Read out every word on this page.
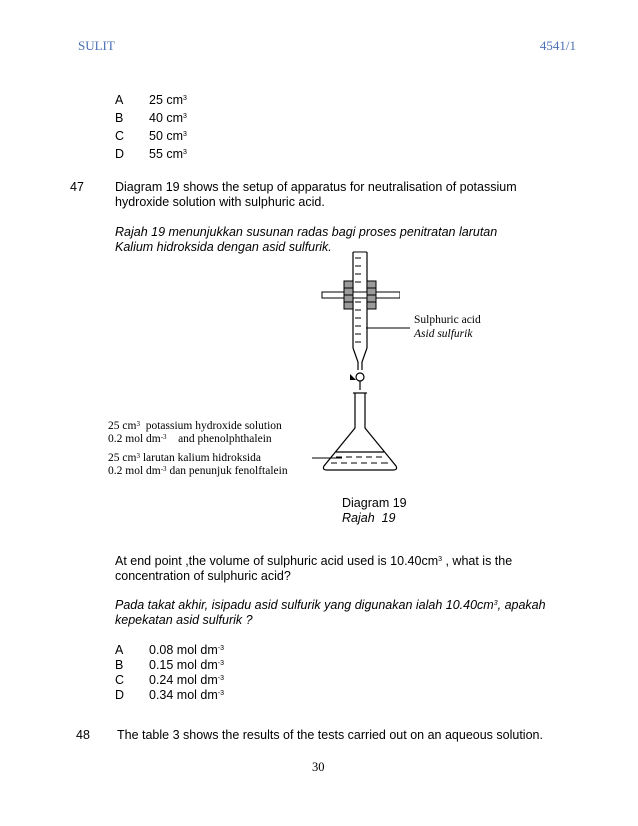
SULIT	4541/1
A 25 $cm^3$
B 40 $cm^3$
C 50 $cm^3$
D 55 $cm^3$
47 Diagram 19 shows the setup of apparatus for neutralisation of potassium
hydroxide solution with sulphuric acid.
Rajah 19 menunjukkan susunan radas bagi proses penitratan larutan
Kalium hidroksida dengan asid sulfurik.
Sulphuric acid
Asid sulfurik
25 $cm^3$  potassium hydroxide solution
0.2 mol $dm^{-3}$    and phenolphthalein
25 $cm^3$ larutan kalium hidroksida
0.2 mol $dm^{-3}$ dan penunjuk fenolftalein
Diagram 19
Rajah  19
At end point ,the volume of sulphuric acid used is $10.40cm^3$ , what is the
concentration of sulphuric acid?
Pada takat akhir, isipadu asid sulfurik yang digunakan ialah $10.40cm^3$, apakah
kepekatan asid sulfurik ?
A 0.08 mol $dm^{-3}$
B 0.15 mol $dm^{-3}$
C 0.24 mol $dm^{-3}$
D 0.34 mol $dm^{-3}$
48 The table 3 shows the results of the tests carried out on an aqueous solution.
30
